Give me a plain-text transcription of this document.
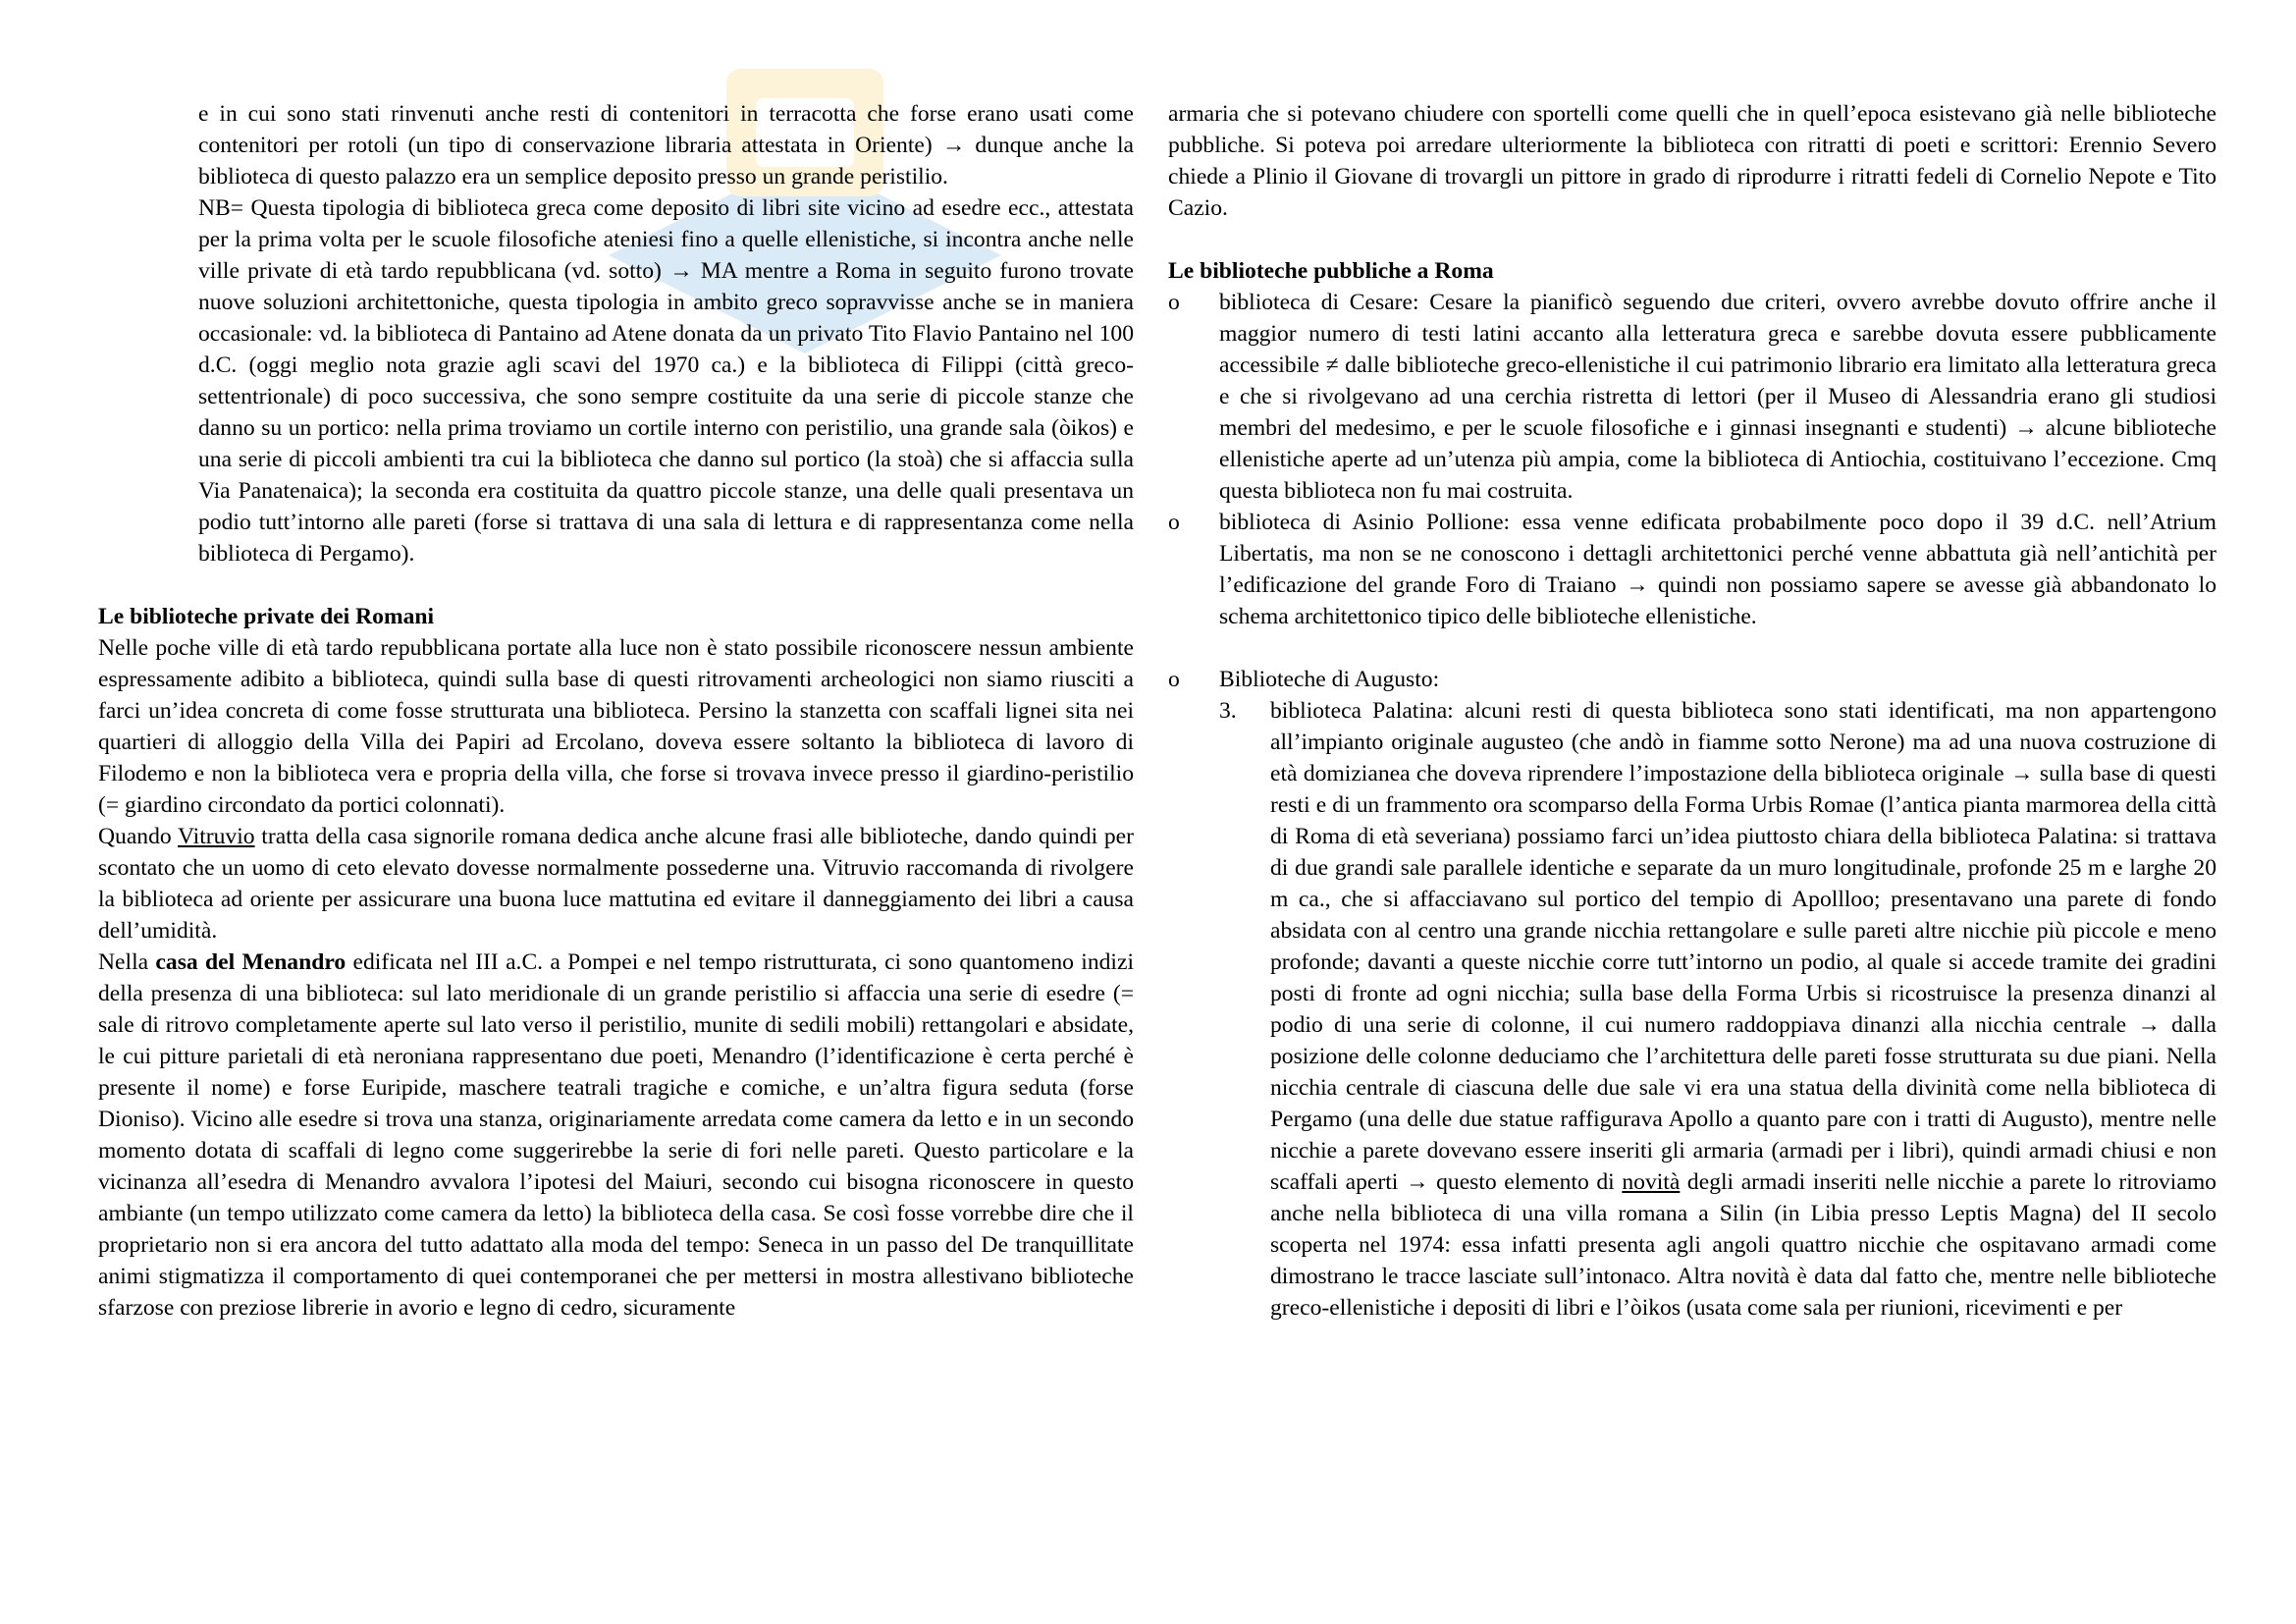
e in cui sono stati rinvenuti anche resti di contenitori in terracotta che forse erano usati come contenitori per rotoli (un tipo di conservazione libraria attestata in Oriente) → dunque anche la biblioteca di questo palazzo era un semplice deposito presso un grande peristilio.

NB= Questa tipologia di biblioteca greca come deposito di libri site vicino ad esedre ecc., attestata per la prima volta per le scuole filosofiche ateniesi fino a quelle ellenistiche, si incontra anche nelle ville private di età tardo repubblicana (vd. sotto) → MA mentre a Roma in seguito furono trovate nuove soluzioni architettoniche, questa tipologia in ambito greco sopravvisse anche se in maniera occasionale: vd. la biblioteca di Pantaino ad Atene donata da un privato Tito Flavio Pantaino nel 100 d.C. (oggi meglio nota grazie agli scavi del 1970 ca.) e la biblioteca di Filippi (città greco-settentrionale) di poco successiva, che sono sempre costituite da una serie di piccole stanze che danno su un portico: nella prima troviamo un cortile interno con peristilio, una grande sala (òikos) e una serie di piccoli ambienti tra cui la biblioteca che danno sul portico (la stoà) che si affaccia sulla Via Panatenaica); la seconda era costituita da quattro piccole stanze, una delle quali presentava un podio tutt’intorno alle pareti (forse si trattava di una sala di lettura e di rappresentanza come nella biblioteca di Pergamo).

Le biblioteche private dei Romani

Nelle poche ville di età tardo repubblicana portate alla luce non è stato possibile riconoscere nessun ambiente espressamente adibito a biblioteca, quindi sulla base di questi ritrovamenti archeologici non siamo riusciti a farci un’idea concreta di come fosse strutturata una biblioteca. Persino la stanzetta con scaffali lignei sita nei quartieri di alloggio della Villa dei Papiri ad Ercolano, doveva essere soltanto la biblioteca di lavoro di Filodemo e non la biblioteca vera e propria della villa, che forse si trovava invece presso il giardino-peristilio (= giardino circondato da portici colonnati).

Quando Vitruvio tratta della casa signorile romana dedica anche alcune frasi alle biblioteche, dando quindi per scontato che un uomo di ceto elevato dovesse normalmente possederne una. Vitruvio raccomanda di rivolgere la biblioteca ad oriente per assicurare una buona luce mattutina ed evitare il danneggiamento dei libri a causa dell’umidità.

Nella casa del Menandro edificata nel III a.C. a Pompei e nel tempo ristrutturata, ci sono quantomeno indizi della presenza di una biblioteca: sul lato meridionale di un grande peristilio si affaccia una serie di esedre (= sale di ritrovo completamente aperte sul lato verso il peristilio, munite di sedili mobili) rettangolari e absidate, le cui pitture parietali di età neroniana rappresentano due poeti, Menandro (l’identificazione è certa perché è presente il nome) e forse Euripide, maschere teatrali tragiche e comiche, e un’altra figura seduta (forse Dioniso). Vicino alle esedre si trova una stanza, originariamente arredata come camera da letto e in un secondo momento dotata di scaffali di legno come suggerirebbe la serie di fori nelle pareti. Questo particolare e la vicinanza all’esedra di Menandro avvalora l’ipotesi del Maiuri, secondo cui bisogna riconoscere in questo ambiante (un tempo utilizzato come camera da letto) la biblioteca della casa. Se così fosse vorrebbe dire che il proprietario non si era ancora del tutto adattato alla moda del tempo: Seneca in un passo del De tranquillitate animi stigmatizza il comportamento di quei contemporanei che per mettersi in mostra allestivano biblioteche sfarzose con preziose librerie in avorio e legno di cedro, sicuramente

armaria che si potevano chiudere con sportelli come quelli che in quell’epoca esistevano già nelle biblioteche pubbliche. Si poteva poi arredare ulteriormente la biblioteca con ritratti di poeti e scrittori: Erennio Severo chiede a Plinio il Giovane di trovargli un pittore in grado di riprodurre i ritratti fedeli di Cornelio Nepote e Tito Cazio.

Le biblioteche pubbliche a Roma

o	biblioteca di Cesare: Cesare la pianificò seguendo due criteri, ovvero avrebbe dovuto offrire anche il maggior numero di testi latini accanto alla letteratura greca e sarebbe dovuta essere pubblicamente accessibile ≠ dalle biblioteche greco-ellenistiche il cui patrimonio librario era limitato alla letteratura greca e che si rivolgevano ad una cerchia ristretta di lettori (per il Museo di Alessandria erano gli studiosi membri del medesimo, e per le scuole filosofiche e i ginnasi insegnanti e studenti) → alcune biblioteche ellenistiche aperte ad un’utenza più ampia, come la biblioteca di Antiochia, costituivano l’eccezione. Cmq questa biblioteca non fu mai costruita.
o	biblioteca di Asinio Pollione: essa venne edificata probabilmente poco dopo il 39 d.C. nell’Atrium Libertatis, ma non se ne conoscono i dettagli architettonici perché venne abbattuta già nell’antichità per l’edificazione del grande Foro di Traiano → quindi non possiamo sapere se avesse già abbandonato lo schema architettonico tipico delle biblioteche ellenistiche.
o	Biblioteche di Augusto:
3. biblioteca Palatina: alcuni resti di questa biblioteca sono stati identificati, ma non appartengono all’impianto originale augusteo (che andò in fiamme sotto Nerone) ma ad una nuova costruzione di età domizianea che doveva riprendere l’impostazione della biblioteca originale → sulla base di questi resti e di un frammento ora scomparso della Forma Urbis Romae (l’antica pianta marmorea della città di Roma di età severiana) possiamo farci un’idea piuttosto chiara della biblioteca Palatina: si trattava di due grandi sale parallele identiche e separate da un muro longitudinale, profonde 25 m e larghe 20 m ca., che si affacciavano sul portico del tempio di Apollloo; presentavano una parete di fondo absidata con al centro una grande nicchia rettangolare e sulle pareti altre nicchie più piccole e meno profonde; davanti a queste nicchie corre tutt’intorno un podio, al quale si accede tramite dei gradini posti di fronte ad ogni nicchia; sulla base della Forma Urbis si ricostruisce la presenza dinanzi al podio di una serie di colonne, il cui numero raddoppiava dinanzi alla nicchia centrale → dalla posizione delle colonne deduciamo che l’architettura delle pareti fosse strutturata su due piani. Nella nicchia centrale di ciascuna delle due sale vi era una statua della divinità come nella biblioteca di Pergamo (una delle due statue raffigurava Apollo a quanto pare con i tratti di Augusto), mentre nelle nicchie a parete dovevano essere inseriti gli armaria (armadi per i libri), quindi armadi chiusi e non scaffali aperti → questo elemento di novità degli armadi inseriti nelle nicchie a parete lo ritroviamo anche nella biblioteca di una villa romana a Silin (in Libia presso Leptis Magna) del II secolo scoperta nel 1974: essa infatti presenta agli angoli quattro nicchie che ospitavano armadi come dimostrano le tracce lasciate sull’intonaco. Altra novità è data dal fatto che, mentre nelle biblioteche greco-ellenistiche i depositi di libri e l’òikos (usata come sala per riunioni, ricevimenti e per
